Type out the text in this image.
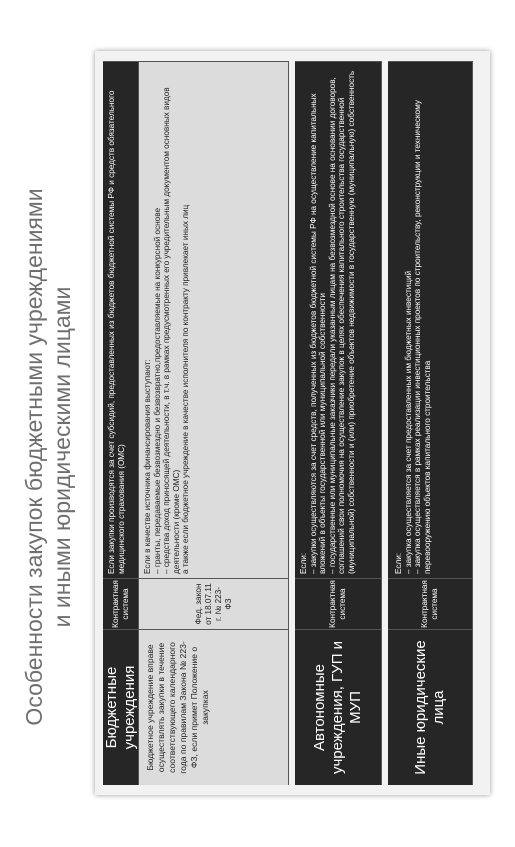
Особенности закупок бюджетными учреждениями и иными юридическими лицами
Бюджетные учреждения Бюджетное учреждение вправе осуществлять закупки в течение соответствующего календарного года по правилам Закона № 223-ФЗ, если примет Положение о закупках
Контрактная система	Фед. закон от 18.07.11 г. № 223-ФЗ
Если закупки производятся за счет субсидий, предоставленных из бюджетов бюджетной системы РФ и средств обязательного медицинского страхования (ОМС)	Если в качестве источника финансирования выступают: – гранты, передаваемые безвозмездно и безвозвратно,предоставляемые на конкурсной основе – средства доход приносящей деятельности, в т.ч. в рамках предусмотренных его учредительным документом основных видов деятельности (кроме ОМС) а также если бюджетное учреждение в качестве исполнителя по контракту привлекает иных лиц

Автономные учреждения, ГУП и МУП
Контрактная система

Если: – закупки осуществляются за счет средств, полученных из бюджетов бюджетной системы РФ на осуществление капитальных вложений в объекты государственной или муниципальной собственности – государственные или муниципальные заказчики передали указанным лицам на безвозмездной основе на основании договоров, соглашений свои полномочия на осуществление закупок в целях обеспечения капитального строительства государственной (муниципальной) собственности и (или) приобретение объектов недвижимости в государственную (муниципальную) собственность

Иные юридические лица
Контрактная система

Если: – закупка осуществляется за счет предоставленных им бюджетных инвестиций – закупка осуществляется в рамках реализации инвестиционных проектов по строительству, реконструкции и техническому перевооружению объектов капитального строительства
